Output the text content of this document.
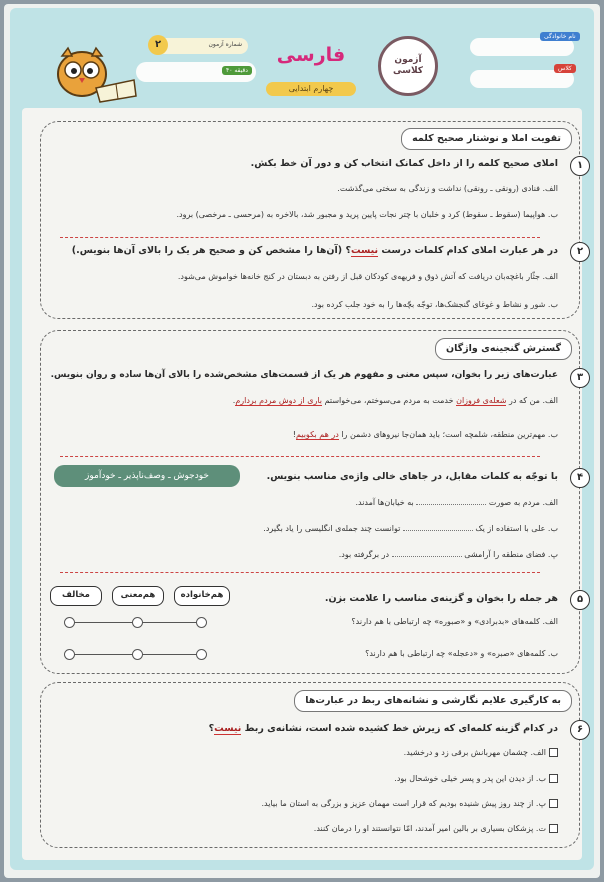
نام خانوادگی
کلاس
فارسی
چهارم ابتدایی
آزمون کلاسی
۴۰ دقیقه
شماره آزمون
۲
تقویت املا و نوشتار صحیح کلمه
۱
املای صحیح کلمه را از داخل کمانک انتخاب کن و دور آن خط بکش.
الف. فنادی (رونقی ـ رونقی) نداشت و زندگی به سختی می‌گذشت.
ب. هواپیما (سقوط ـ سقوط) کرد و خلبان با چتر نجات پایین پرید و مجبور شد، بالاخره به (مرحسی ـ مرخصی) برود.
۲
در هر عبارت املای کدام کلمات درست نیست؟ (آن‌ها را مشخص کن و صحیح هر یک را بالای آن‌ها بنویس.)
الف. جثّار باغچه‌بان دریافت که آتش ذوق و فریهه‌ی کودکان قبل از رفتن به دبستان در کنج خانه‌ها خواموش می‌شود.
ب. شور و نشاط و غوغای گنجشک‌ها، توجّه بچّه‌ها را به خود جلب کرده بود.
گسترش گنجینه‌ی واژگان
۳
عبارت‌های زیر را بخوان، سپس معنی و مفهوم هر یک از قسمت‌های مشخص‌شده را بالای آن‌ها ساده و روان بنویس.
الف. من که در شعله‌ی فروزان خدمت به مردم می‌سوختم، می‌خواستم باری از دوش مردم بردارم.
ب. مهم‌ترین منطقه، شلمچه است؛ باید همان‌جا نیروهای دشمن را در هم بکوبیم!
۴
با توجّه به کلمات مقابل، در جاهای خالی واژه‌ی مناسب بنویس.
خودجوش ـ وصف‌ناپذیر ـ خودآموز
الف. مردم به صورت  به خیابان‌ها آمدند.
ب. علی با استفاده از یک  توانست چند جمله‌ی انگلیسی را یاد بگیرد.
پ. فضای منطقه را آرامشی  در برگرفته بود.
هم‌خانواده
هم‌معنی
مخالف	۵
هر جمله را بخوان و گزینه‌ی مناسب را علامت بزن.
الف. کلمه‌های «بدبرادی» و «صبوره» چه ارتباطی با هم دارند؟
ب. کلمه‌های «صبره» و «دعجله» چه ارتباطی با هم دارند؟
به کارگیری علایم نگارشی و نشانه‌های ربط در عبارت‌ها
۶
در کدام گزینه کلمه‌ای که زیرش خط کشیده شده است، نشانه‌ی ربط نیست؟
الف. چشمان مهربانش برقی زد و درخشید.
ب. از دیدن این پدر و پسر خیلی خوشحال بود.
پ. از چند روز پیش شنیده بودیم که قرار است مهمان عزیز و بزرگی به استان ما بیاید.
ت. پزشکان بسیاری بر بالین امیر آمدند، امّا نتوانستند او را درمان کنند.
